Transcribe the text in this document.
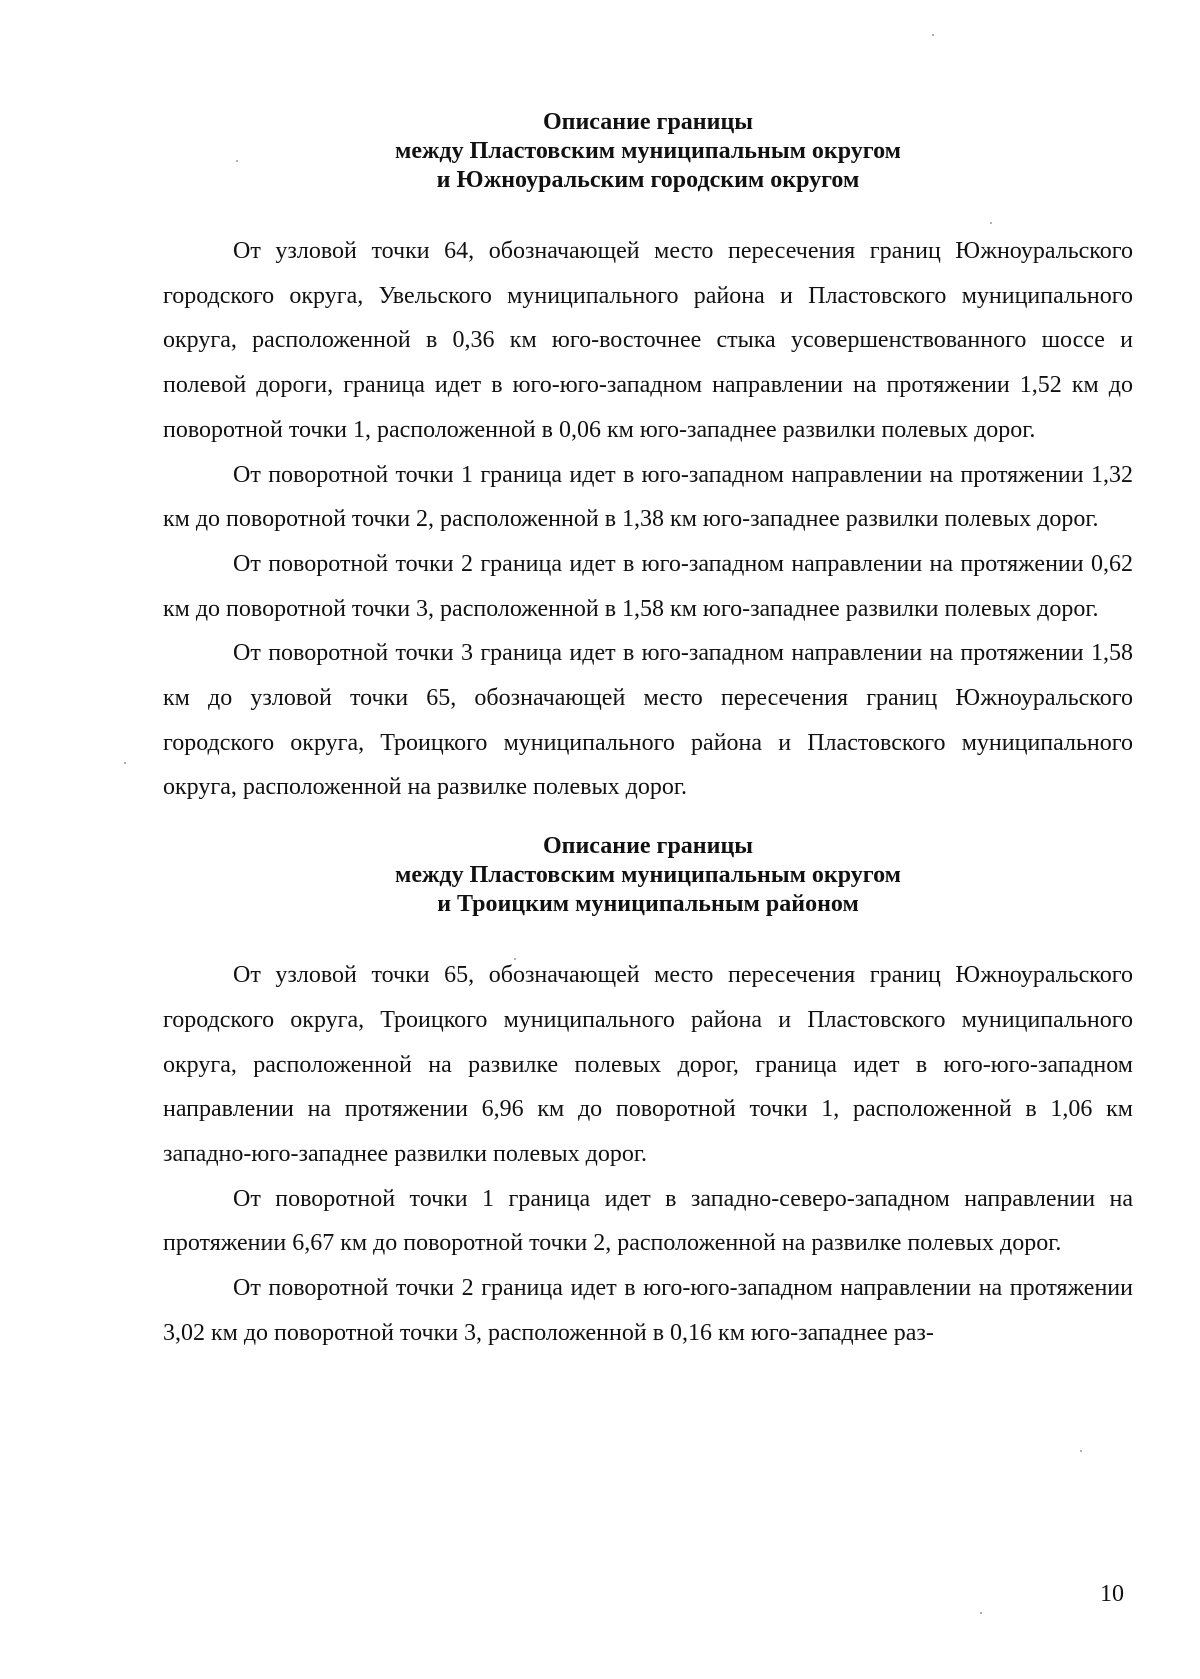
Описание границы
между Пластовским муниципальным округом
и Южноуральским городским округом

От узловой точки 64, обозначающей место пересечения границ Южноуральского городского округа, Увельского муниципального района и Пластовского муниципального округа, расположенной в 0,36 км юго-восточнее стыка усовершенствованного шоссе и полевой дороги, граница идет в юго-юго-западном направлении на протяжении 1,52 км до поворотной точки 1, расположенной в 0,06 км юго-западнее развилки полевых дорог.

От поворотной точки 1 граница идет в юго-западном направлении на протяжении 1,32 км до поворотной точки 2, расположенной в 1,38 км юго-западнее развилки полевых дорог.

От поворотной точки 2 граница идет в юго-западном направлении на протяжении 0,62 км до поворотной точки 3, расположенной в 1,58 км юго-западнее развилки полевых дорог.

От поворотной точки 3 граница идет в юго-западном направлении на протяжении 1,58 км до узловой точки 65, обозначающей место пересечения границ Южноуральского городского округа, Троицкого муниципального района и Пластовского муниципального округа, расположенной на развилке полевых дорог.

Описание границы
между Пластовским муниципальным округом
и Троицким муниципальным районом

От узловой точки 65, обозначающей место пересечения границ Южноуральского городского округа, Троицкого муниципального района и Пластовского муниципального округа, расположенной на развилке полевых дорог, граница идет в юго-юго-западном направлении на протяжении 6,96 км до поворотной точки 1, расположенной в 1,06 км западно-юго-западнее развилки полевых дорог.

От поворотной точки 1 граница идет в западно-северо-западном направлении на протяжении 6,67 км до поворотной точки 2, расположенной на развилке полевых дорог.

От поворотной точки 2 граница идет в юго-юго-западном направлении на протяжении 3,02 км до поворотной точки 3, расположенной в 0,16 км юго-западнее раз-

10
